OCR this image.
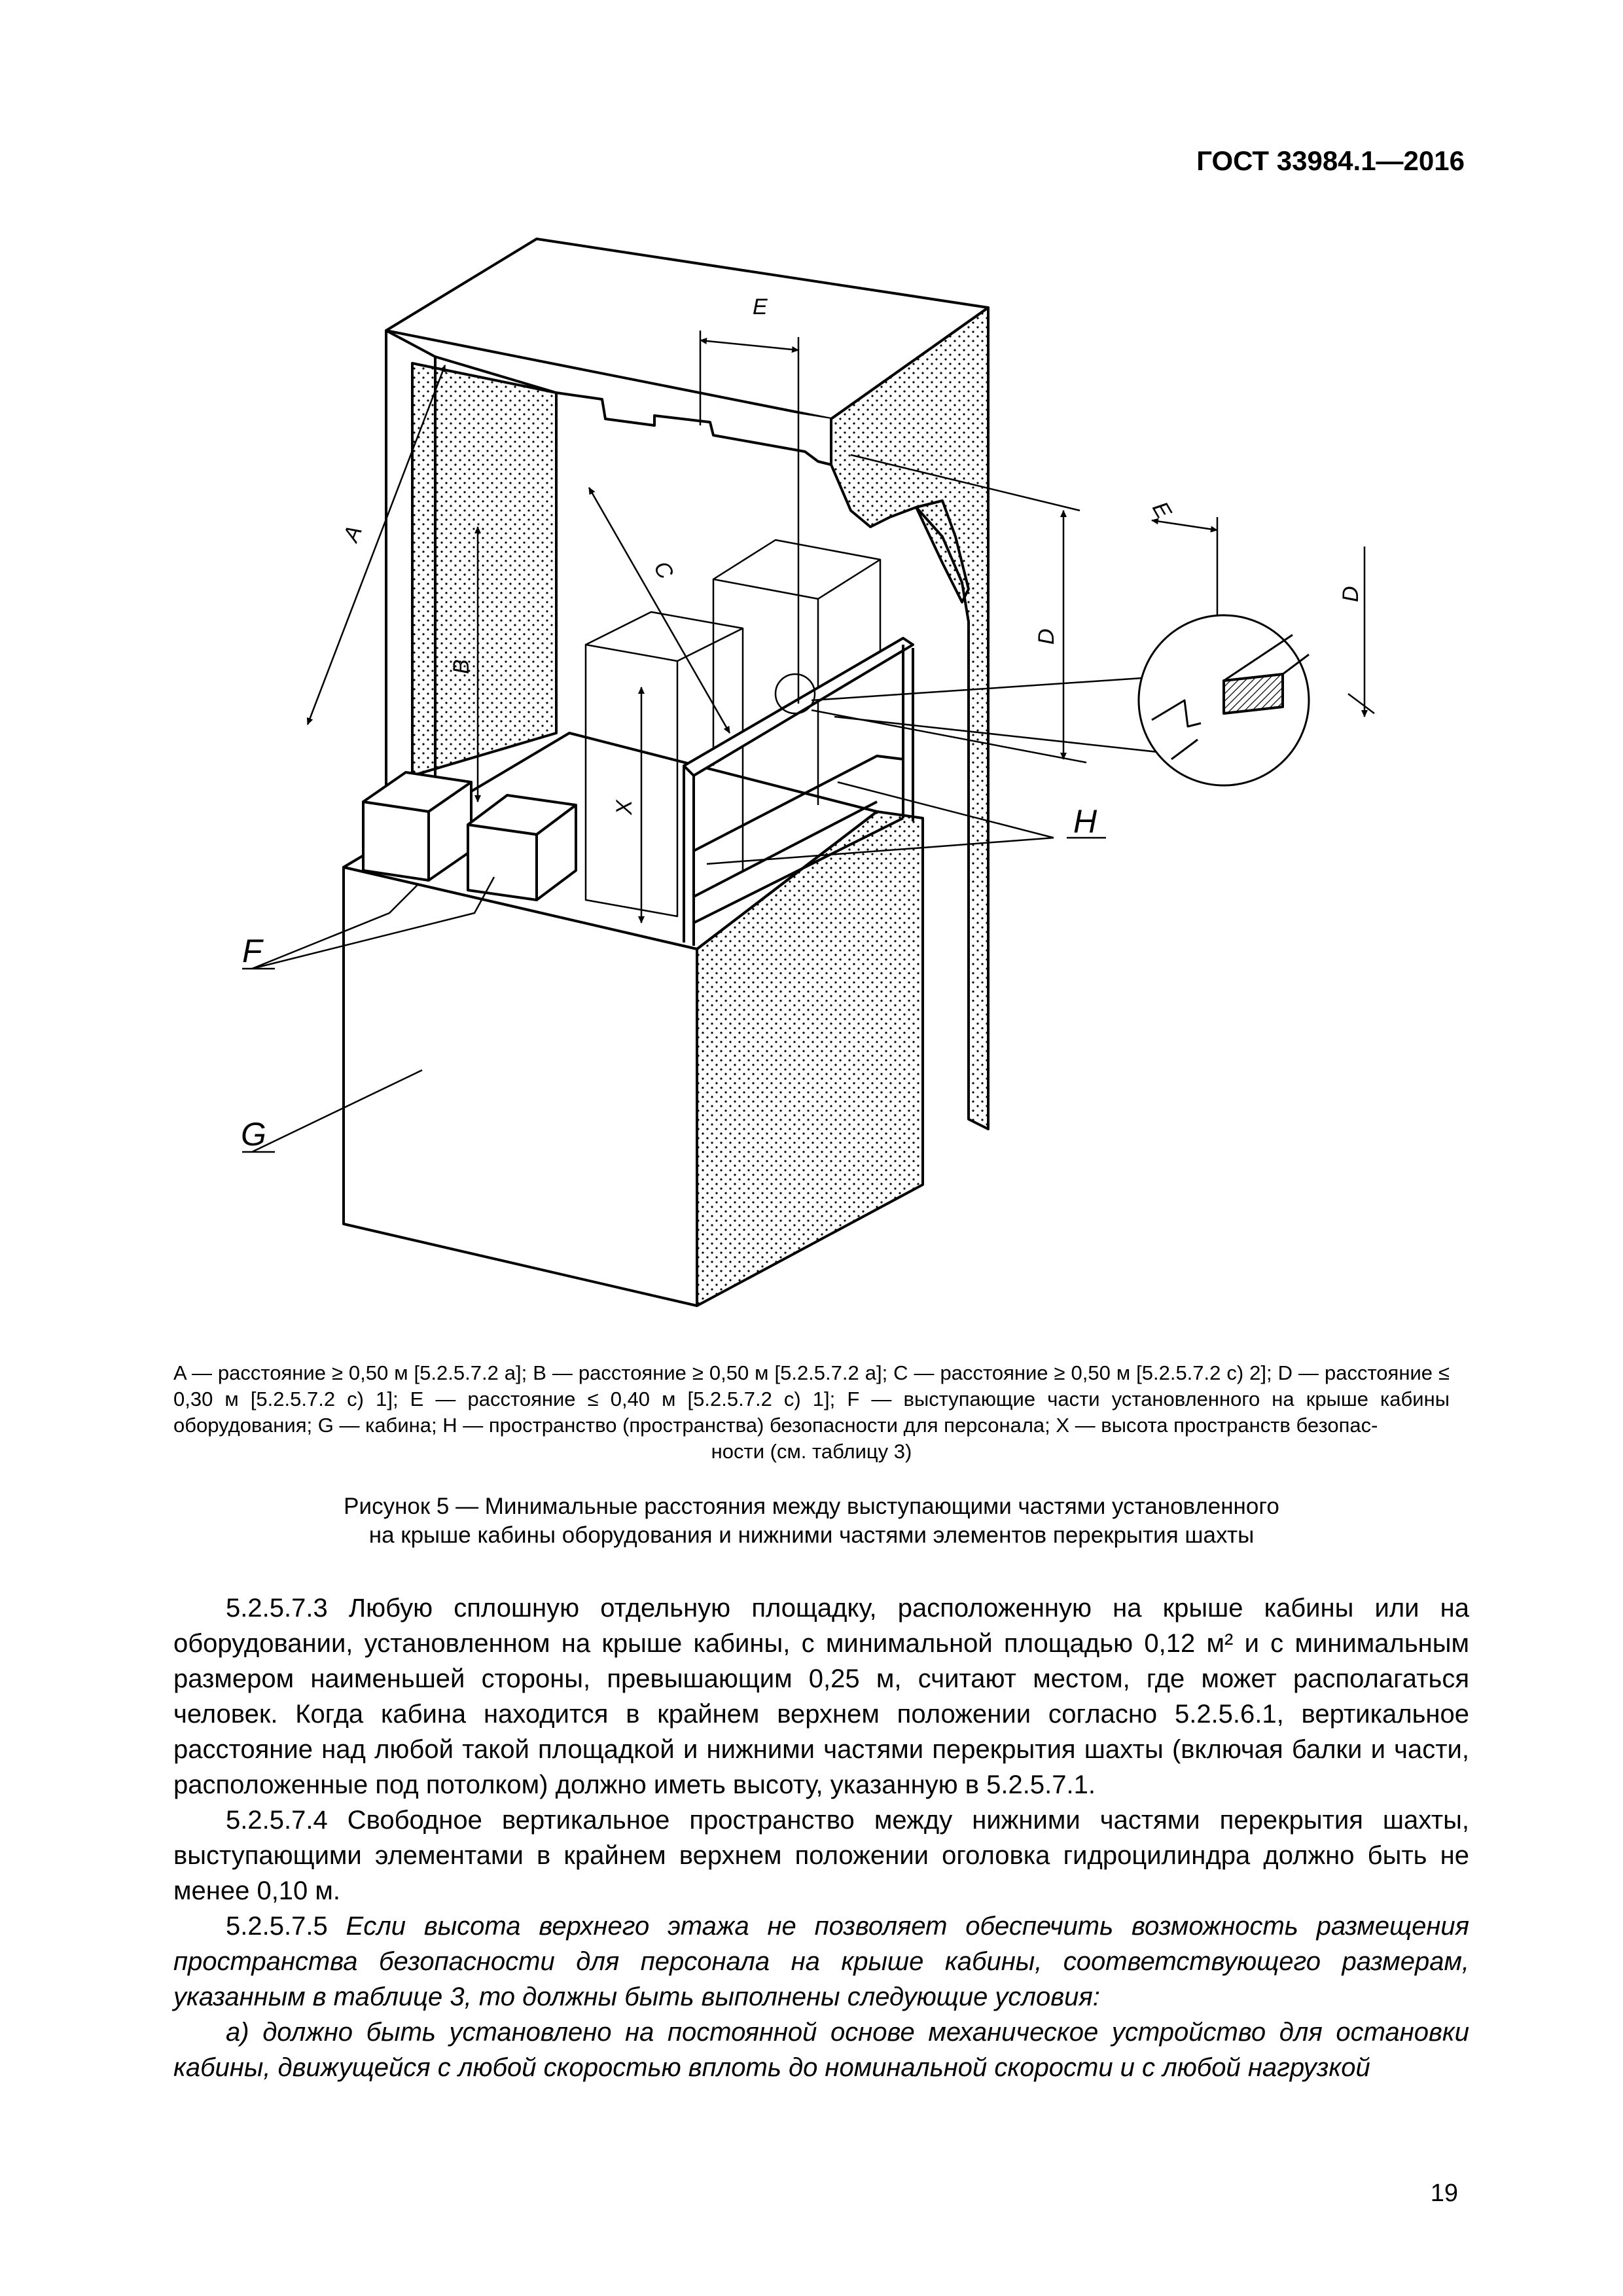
ГОСТ 33984.1—2016
A
B
C
D
D
E
E
X
F
G
H
A — расстояние ≥ 0,50 м [5.2.5.7.2 a]; B — расстояние ≥ 0,50 м [5.2.5.7.2 a]; C — расстояние ≥ 0,50 м [5.2.5.7.2 c) 2]; D — расстояние ≤ 0,30 м [5.2.5.7.2 c) 1]; E — расстояние ≤ 0,40 м [5.2.5.7.2 c) 1]; F — выступающие части установленного на крыше кабины оборудования; G — кабина; H — пространство (пространства) безопасности для персонала; X — высота пространств безопас-
ности (см. таблицу 3)
Рисунок 5 — Минимальные расстояния между выступающими частями установленного
на крыше кабины оборудования и нижними частями элементов перекрытия шахты

5.2.5.7.3 Любую сплошную отдельную площадку, расположенную на крыше кабины или на оборудовании, установленном на крыше кабины, с минимальной площадью 0,12 м² и с минимальным размером наименьшей стороны, превышающим 0,25 м, считают местом, где может располагаться человек. Когда кабина находится в крайнем верхнем положении согласно 5.2.5.6.1, вертикальное расстояние над любой такой площадкой и нижними частями перекрытия шахты (включая балки и части, расположенные под потолком) должно иметь высоту, указанную в 5.2.5.7.1.

5.2.5.7.4 Свободное вертикальное пространство между нижними частями перекрытия шахты, выступающими элементами в крайнем верхнем положении оголовка гидроцилиндра должно быть не менее 0,10 м.

5.2.5.7.5 Если высота верхнего этажа не позволяет обеспечить возможность размещения пространства безопасности для персонала на крыше кабины, соответствующего размерам, указанным в таблице 3, то должны быть выполнены следующие условия:

а) должно быть установлено на постоянной основе механическое устройство для остановки кабины, движущейся с любой скоростью вплоть до номинальной скорости и с любой нагрузкой

19
